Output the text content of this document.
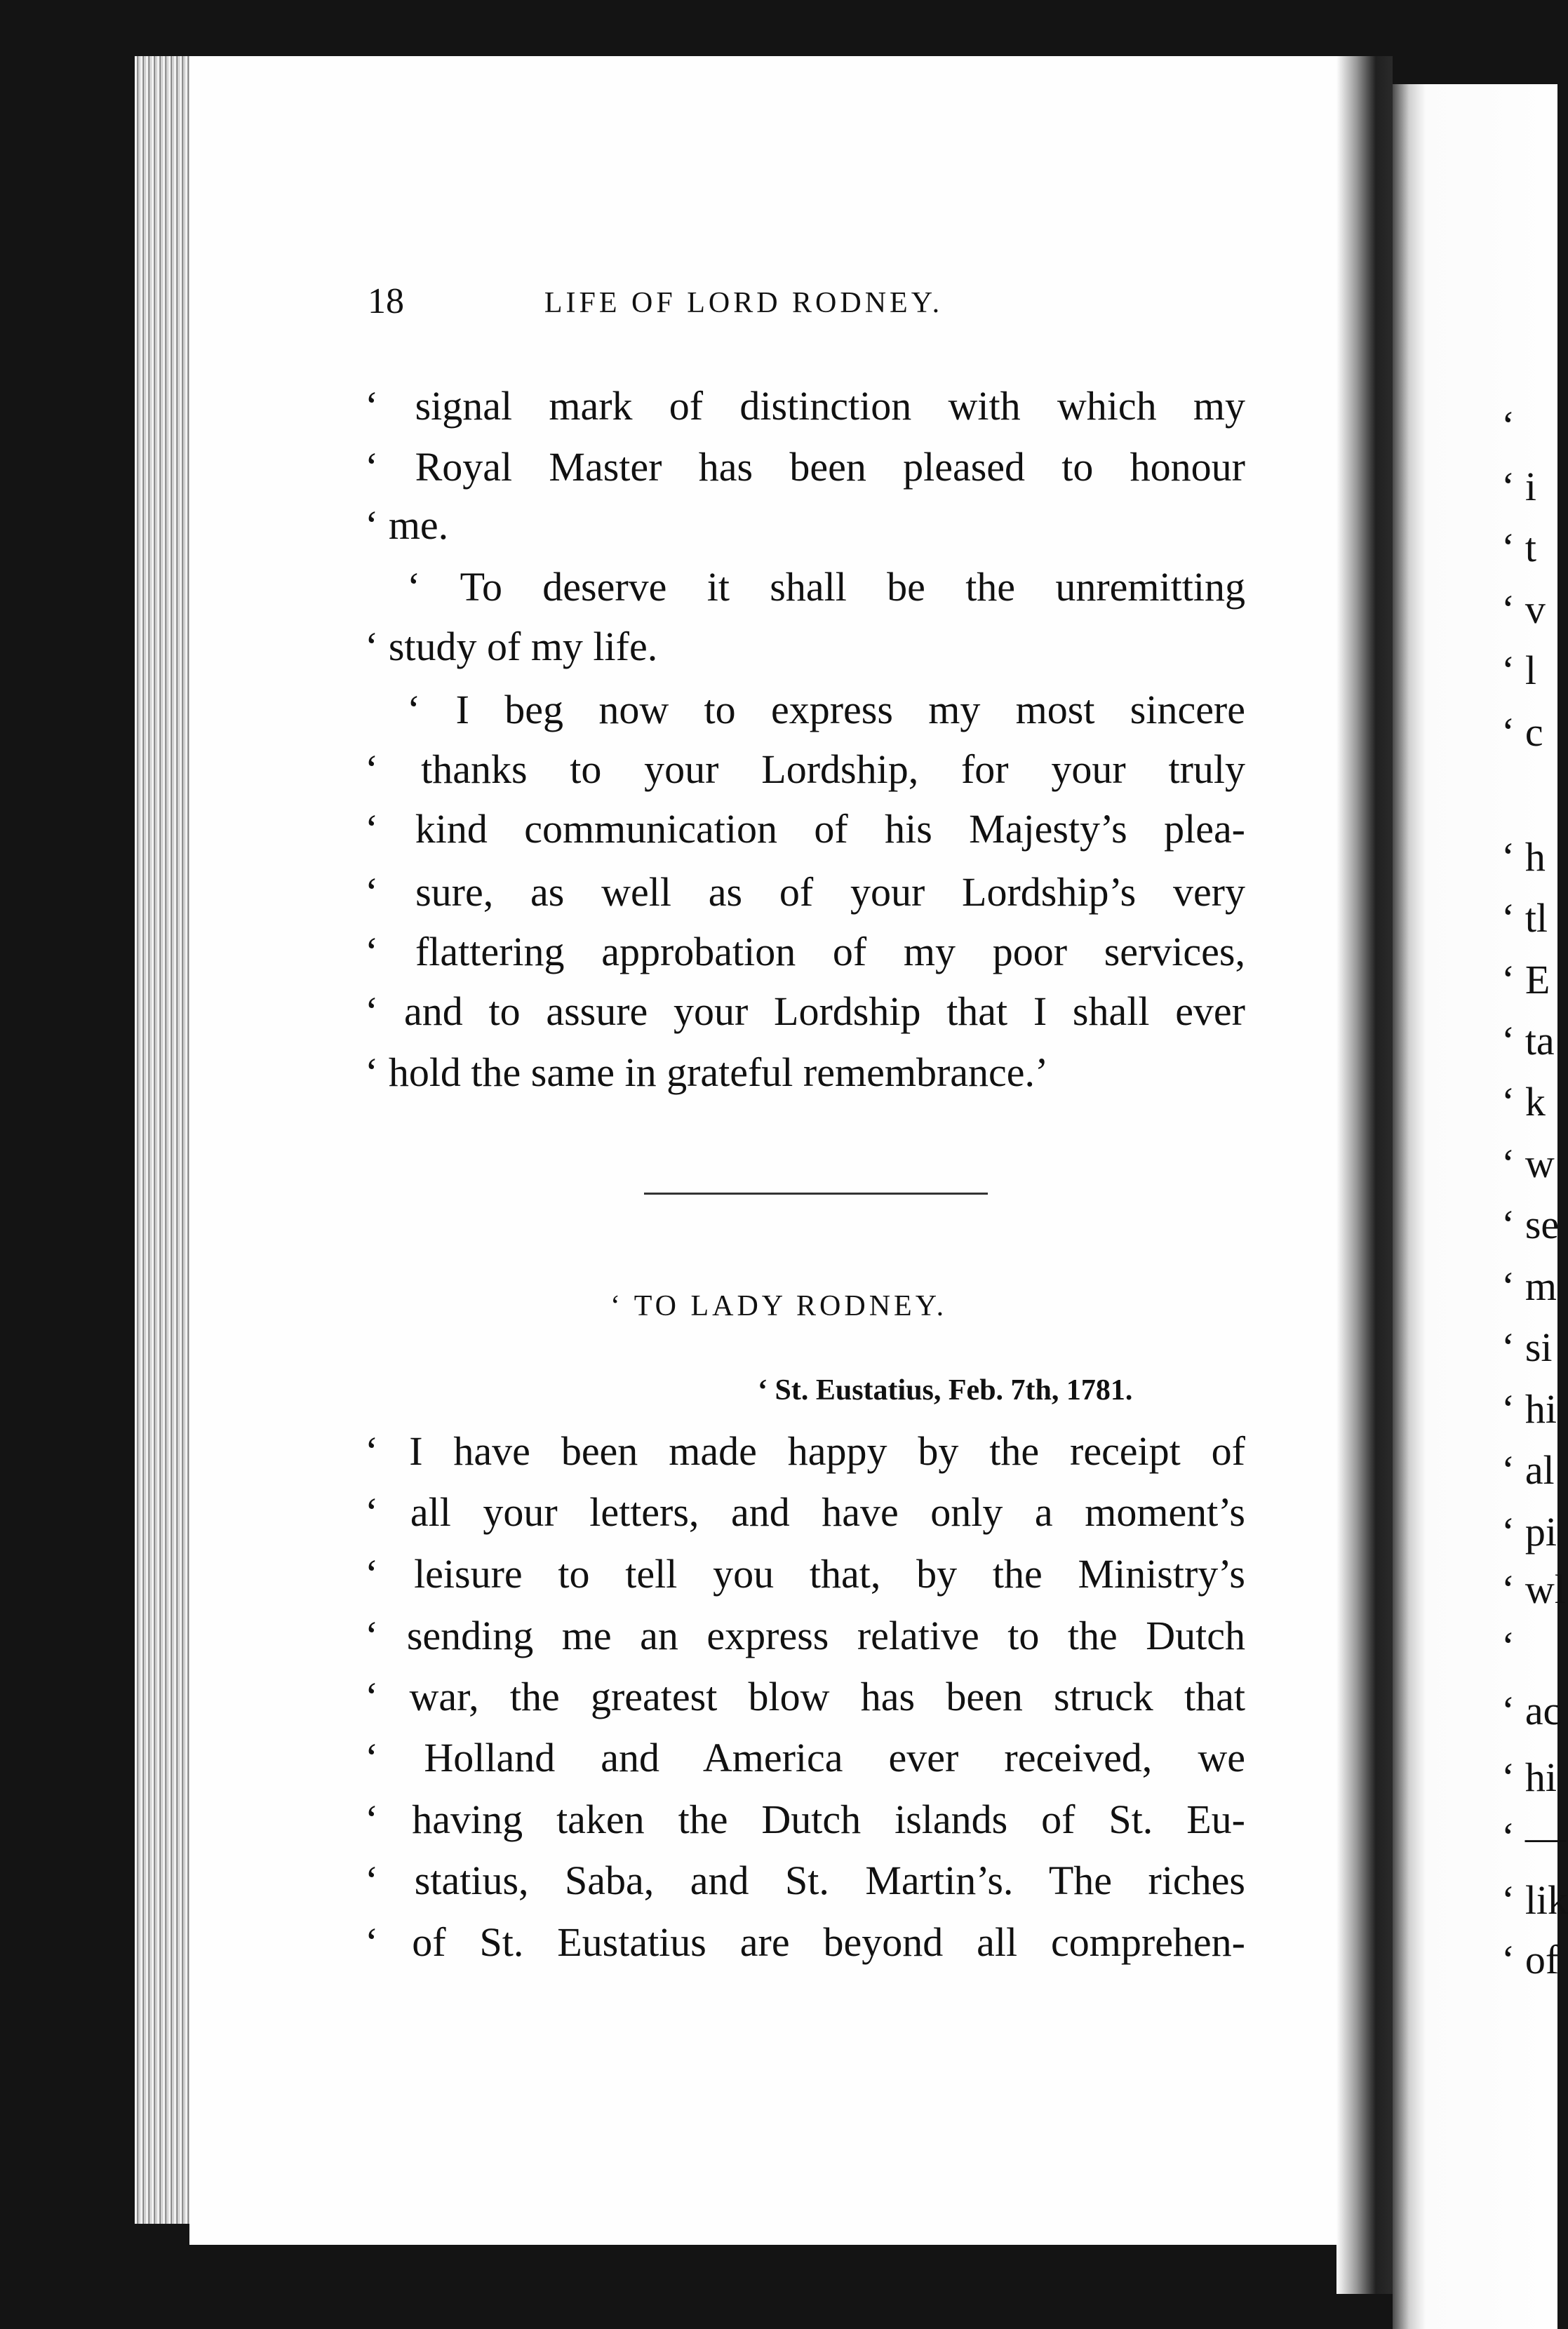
18	LIFE OF LORD RODNEY.
‘ signal mark of distinction with which my
‘ Royal Master has been pleased to honour
‘ me.
‘ To deserve it shall be the unremitting
‘ study of my life.
‘ I beg now to express my most sincere
‘ thanks to your Lordship, for your truly
‘ kind communication of his Majesty’s plea-
‘ sure, as well as of your Lordship’s very
‘ flattering approbation of my poor services,
‘ and to assure your Lordship that I shall ever
‘ hold the same in grateful remembrance.’
‘ TO LADY RODNEY.
‘ St. Eustatius, Feb. 7th, 1781.
‘ I have been made happy by the receipt of
‘ all your letters, and have only a moment’s
‘ leisure to tell you that, by the Ministry’s
‘ sending me an express relative to the Dutch
‘ war, the greatest blow has been struck that
‘ Holland and America ever received, we
‘ having taken the Dutch islands of St. Eu-
‘ statius, Saba, and St. Martin’s. The riches
‘ of St. Eustatius are beyond all comprehen-
‘
‘ i
‘ t
‘ v
‘ l
‘ c
‘ h
‘ tl
‘ E
‘ ta
‘ k
‘ w
‘ se
‘ m
‘ si
‘ hi
‘ al
‘ pi
‘ wl
‘
‘ ac
‘ hi
‘ —
‘ lik
‘ of
